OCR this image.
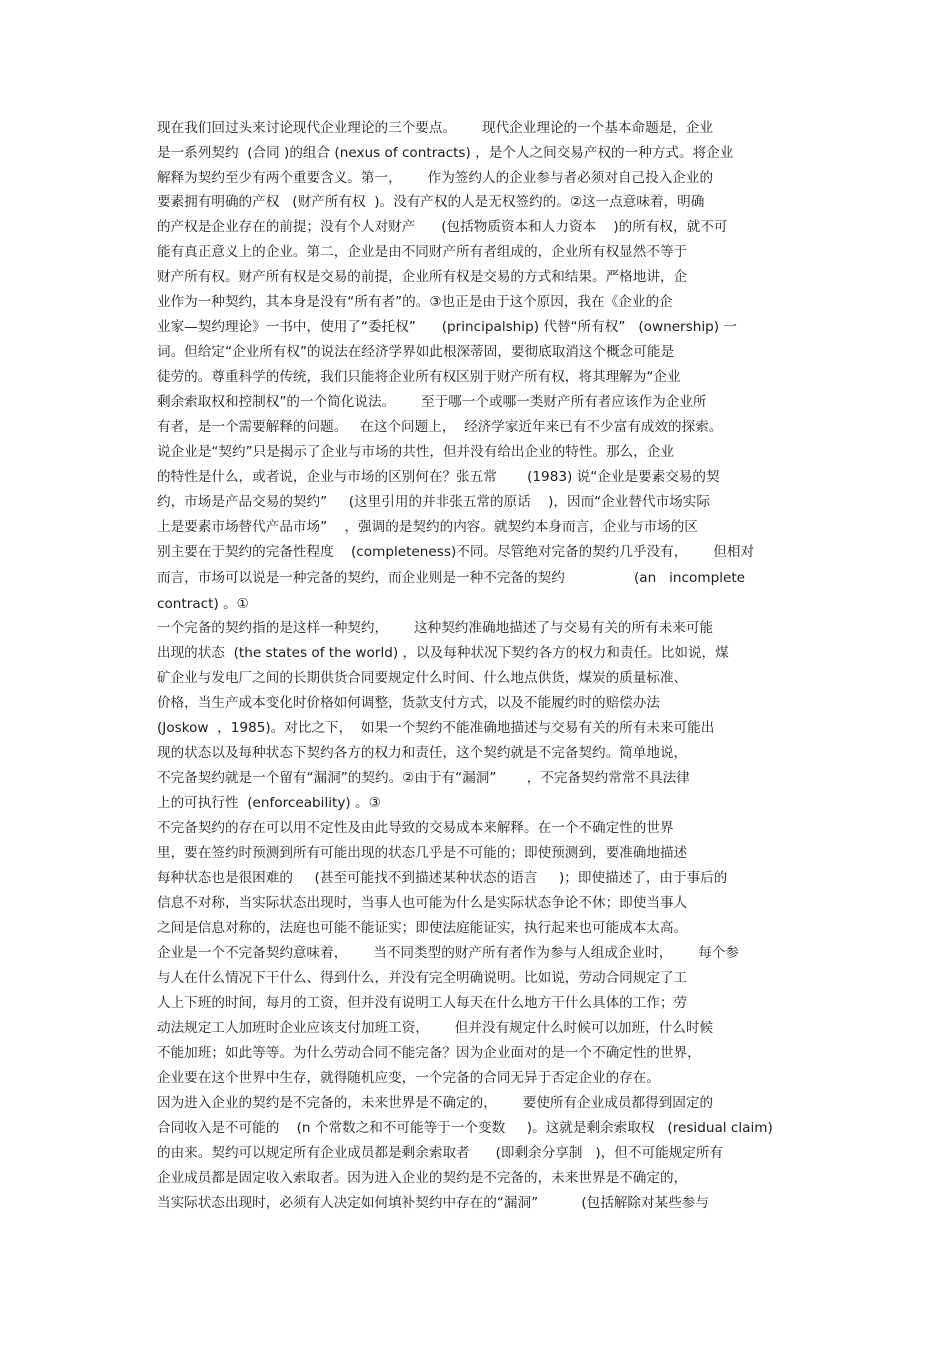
现在我们回过头来讨论现代企业理论的三个要点。      现代企业理论的一个基本命题是，企业
是一系列契约  (合同 )的组合 (nexus of contracts) ，是个人之间交易产权的一种方式。将企业
解释为契约至少有两个重要含义。第一，      作为签约人的企业参与者必须对自己投入企业的
要素拥有明确的产权   (财产所有权  )。没有产权的人是无权签约的。②这一点意味着，明确
的产权是企业存在的前提；没有个人对财产      (包括物质资本和人力资本    )的所有权，就不可
能有真正意义上的企业。第二，企业是由不同财产所有者组成的，企业所有权显然不等于
财产所有权。财产所有权是交易的前提，企业所有权是交易的方式和结果。严格地讲，企
业作为一种契约，其本身是没有“所有者”的。③也正是由于这个原因，我在《企业的企
业家—契约理论》一书中，使用了“委托权”      (principalship) 代替“所有权”   (ownership) 一
词。但给定“企业所有权”的说法在经济学界如此根深蒂固，要彻底取消这个概念可能是
徒劳的。尊重科学的传统，我们只能将企业所有权区别于财产所有权，将其理解为“企业
剩余索取权和控制权”的一个简化说法。      至于哪一个或哪一类财产所有者应该作为企业所
有者，是一个需要解释的问题。   在这个问题上，  经济学家近年来已有不少富有成效的探索。
说企业是“契约”只是揭示了企业与市场的共性，但并没有给出企业的特性。那么，企业
的特性是什么，或者说，企业与市场的区别何在？张五常       (1983) 说“企业是要素交易的契
约，市场是产品交易的契约”     (这里引用的并非张五常的原话    )，因而“企业替代市场实际
上是要素市场替代产品市场”    ，强调的是契约的内容。就契约本身而言，企业与市场的区
别主要在于契约的完备性程度    (completeness)不同。尽管绝对完备的契约几乎没有，      但相对
而言，市场可以说是一种完备的契约，而企业则是一种不完备的契约                (an   incomplete
contract) 。①
一个完备的契约指的是这样一种契约，      这种契约准确地描述了与交易有关的所有未来可能
出现的状态  (the states of the world) ，以及每种状况下契约各方的权力和责任。比如说，煤
矿企业与发电厂之间的长期供货合同要规定什么时间、什么地点供货，煤炭的质量标准、
价格，当生产成本变化时价格如何调整，货款支付方式，以及不能履约时的赔偿办法
(Joskow  ，1985)。对比之下，  如果一个契约不能准确地描述与交易有关的所有未来可能出
现的状态以及每种状态下契约各方的权力和责任，这个契约就是不完备契约。简单地说，
不完备契约就是一个留有“漏洞”的契约。②由于有“漏洞”       ，不完备契约常常不具法律
上的可执行性  (enforceability) 。③
不完备契约的存在可以用不定性及由此导致的交易成本来解释。在一个不确定性的世界
里，要在签约时预测到所有可能出现的状态几乎是不可能的；即使预测到，要准确地描述
每种状态也是很困难的     (甚至可能找不到描述某种状态的语言     )；即使描述了，由于事后的
信息不对称，当实际状态出现时，当事人也可能为什么是实际状态争论不休；即使当事人
之间是信息对称的，法庭也可能不能证实；即使法庭能证实，执行起来也可能成本太高。
企业是一个不完备契约意味着，      当不同类型的财产所有者作为参与人组成企业时，      每个参
与人在什么情况下干什么、得到什么，并没有完全明确说明。比如说，劳动合同规定了工
人上下班的时间，每月的工资，但并没有说明工人每天在什么地方干什么具体的工作；劳
动法规定工人加班时企业应该支付加班工资，      但并没有规定什么时候可以加班，什么时候
不能加班；如此等等。为什么劳动合同不能完备？因为企业面对的是一个不确定性的世界，
企业要在这个世界中生存，就得随机应变，一个完备的合同无异于否定企业的存在。
因为进入企业的契约是不完备的，未来世界是不确定的，      要使所有企业成员都得到固定的
合同收入是不可能的    (n 个常数之和不可能等于一个变数     )。这就是剩余索取权   (residual claim)
的由来。契约可以规定所有企业成员都是剩余索取者      (即剩余分享制   )，但不可能规定所有
企业成员都是固定收入索取者。因为进入企业的契约是不完备的，未来世界是不确定的，
当实际状态出现时，必须有人决定如何填补契约中存在的“漏洞”          (包括解除对某些参与
